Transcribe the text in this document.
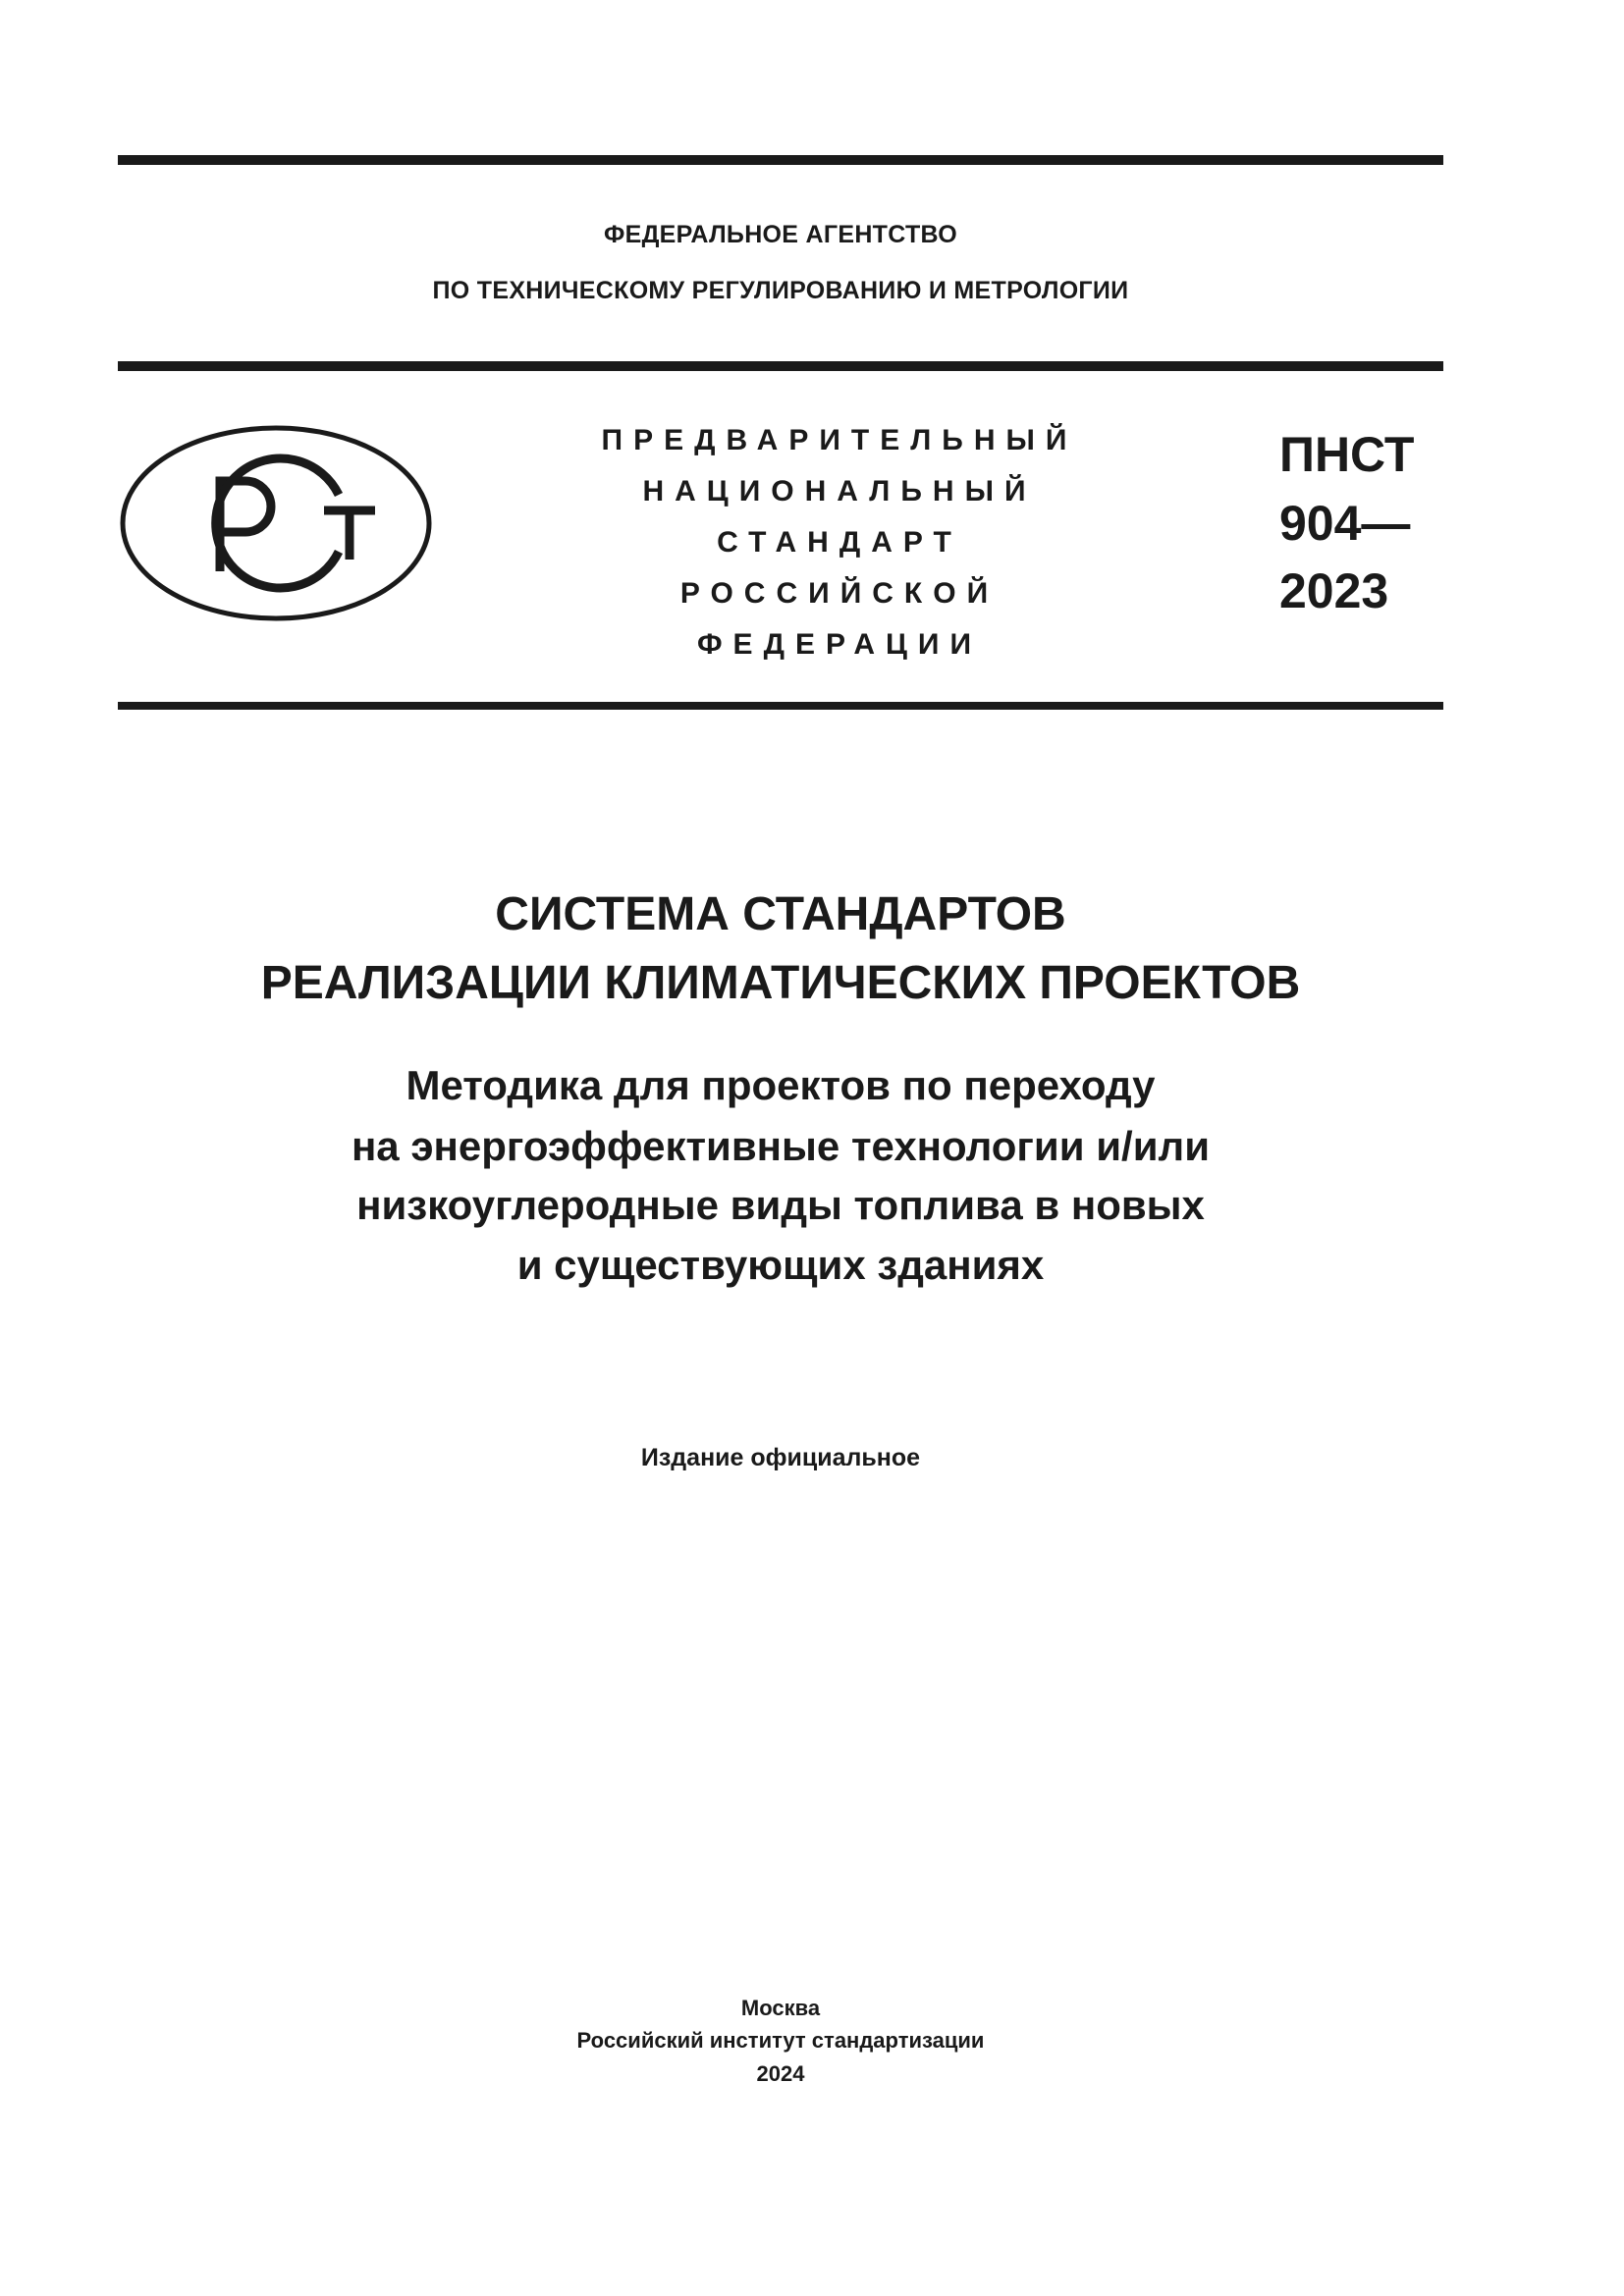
ФЕДЕРАЛЬНОЕ АГЕНТСТВО
ПО ТЕХНИЧЕСКОМУ РЕГУЛИРОВАНИЮ И МЕТРОЛОГИИ
ПРЕДВАРИТЕЛЬНЫЙ
НАЦИОНАЛЬНЫЙ
СТАНДАРТ
РОССИЙСКОЙ
ФЕДЕРАЦИИ
ПНСТ
904—
2023
СИСТЕМА СТАНДАРТОВ
РЕАЛИЗАЦИИ КЛИМАТИЧЕСКИХ ПРОЕКТОВ
Методика для проектов по переходу
на энергоэффективные технологии и/или
низкоуглеродные виды топлива в новых
и существующих зданиях
Издание официальное
Москва
Российский институт стандартизации
2024
